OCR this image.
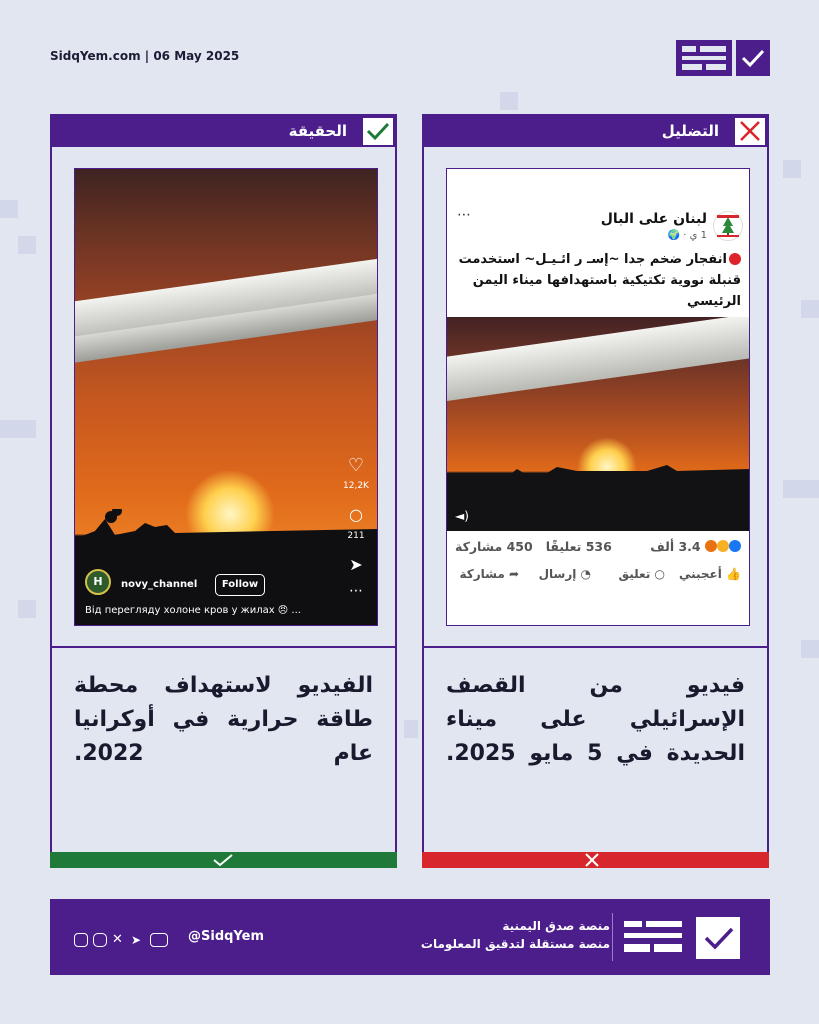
SidqYem.com | 06 May 2025
الحقيقة
♡
12,2K
○
211
➤
⋯
H	novy_channel	Follow
Від перегляду холоне кров у жилах 😠 ...
الفيديو لاستهداف محطة طاقة حرارية في أوكرانيا عام 2022.
التضليل
⋯	لبنان على البال
1 ي · 🌍
انفجار ضخم جدا ~إسـ ر ائـيـل~ استخدمت قنبلة نووية تكتيكية باستهدافها ميناء اليمن الرئيسي
◄)
3.4 ألف
536 تعليقًا   450 مشاركة
👍 أعجبني
○ تعليق
◔ إرسال
➦ مشاركة
فيديو من القصف الإسرائيلي على ميناء الحديدة في 5 مايو 2025.
✕ ➤	@SidqYem
منصة صدق اليمنية
منصة مستقلة لتدقيق المعلومات
